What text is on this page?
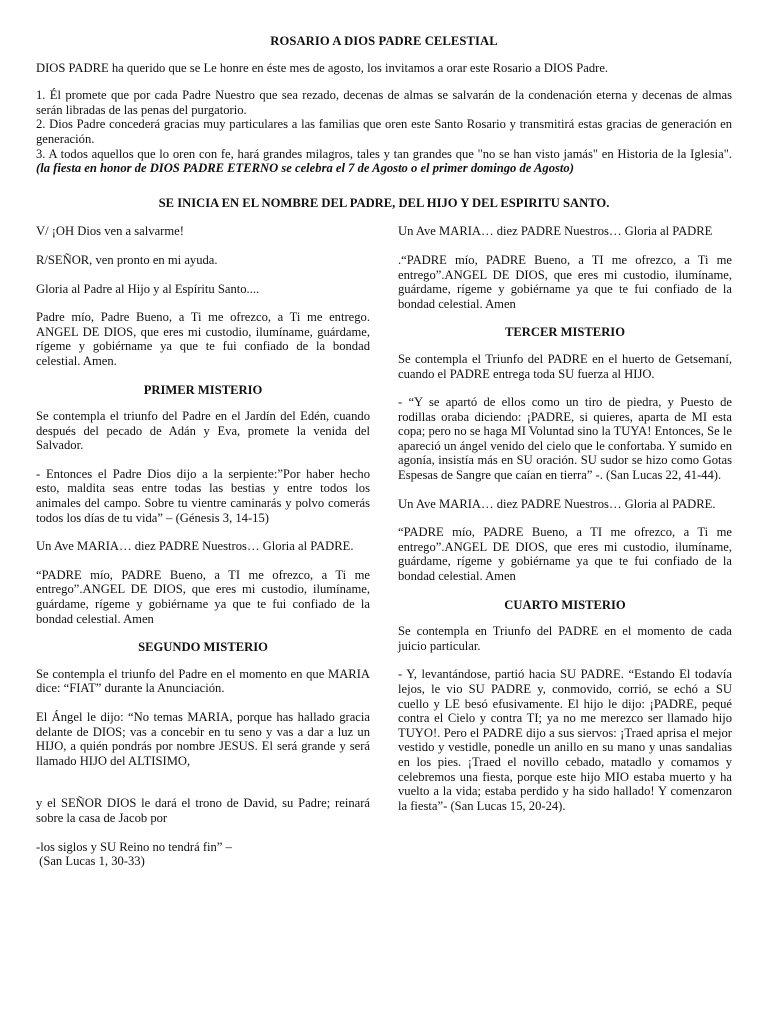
ROSARIO A DIOS PADRE CELESTIAL
DIOS PADRE ha querido que se Le honre en éste mes de agosto, los invitamos a orar este Rosario a DIOS Padre.

1. Él promete que por cada Padre Nuestro que sea rezado, decenas de almas se salvarán de la condenación eterna y decenas de almas serán libradas de las penas del purgatorio.

2. Dios Padre concederá gracias muy particulares a las familias que oren este Santo Rosario y transmitirá estas gracias de generación en generación.

3. A todos aquellos que lo oren con fe, hará grandes milagros, tales y tan grandes que "no se han visto jamás" en Historia de la Iglesia". (la fiesta en honor de DIOS PADRE ETERNO se celebra el 7 de Agosto o el primer domingo de Agosto)

SE INICIA EN EL NOMBRE DEL PADRE, DEL HIJO Y DEL ESPIRITU SANTO.

V/ ¡OH Dios ven a salvarme!

R/SEÑOR, ven pronto en mi ayuda.

Gloria al Padre al Hijo y al Espíritu Santo....

Padre mío, Padre Bueno, a Ti me ofrezco, a Ti me entrego. ANGEL DE DIOS, que eres mi custodio, ilumíname, guárdame, rígeme y gobiérname ya que te fui confiado de la bondad celestial. Amen.

PRIMER MISTERIO

Se contempla el triunfo del Padre en el Jardín del Edén, cuando después del pecado de Adán y Eva, promete la venida del Salvador.

- Entonces el Padre Dios dijo a la serpiente:”Por haber hecho esto, maldita seas entre todas las bestias y entre todos los animales del campo. Sobre tu vientre caminarás y polvo comerás todos los días de tu vida” – (Génesis 3, 14-15)

Un Ave MARIA… diez PADRE Nuestros… Gloria al PADRE.

“PADRE mío, PADRE Bueno, a TI me ofrezco, a Ti me entrego”.ANGEL DE DIOS, que eres mi custodio, ilumíname, guárdame, rígeme y gobiérname ya que te fui confiado de la bondad celestial. Amen

SEGUNDO MISTERIO

Se contempla el triunfo del Padre en el momento en que MARIA dice: “FIAT” durante la Anunciación.

El Ángel le dijo: “No temas MARIA, porque has hallado gracia delante de DIOS; vas a concebir en tu seno y vas a dar a luz un HIJO, a quién pondrás por nombre JESUS. El será grande y será llamado HIJO del ALTISIMO,

y el SEÑOR DIOS le dará el trono de David, su Padre; reinará sobre la casa de Jacob por

-los siglos y SU Reino no tendrá fin” –
(San Lucas 1, 30-33)

Un Ave MARIA… diez PADRE Nuestros… Gloria al PADRE

.“PADRE mío, PADRE Bueno, a TI me ofrezco, a Ti me entrego”.ANGEL DE DIOS, que eres mi custodio, ilumíname, guárdame, rígeme y gobiérname ya que te fui confiado de la bondad celestial. Amen

TERCER MISTERIO

Se contempla el Triunfo del PADRE en el huerto de Getsemaní, cuando el PADRE entrega toda SU fuerza al HIJO.

- “Y se apartó de ellos como un tiro de piedra, y Puesto de rodillas oraba diciendo: ¡PADRE, si quieres, aparta de MI esta copa; pero no se haga MI Voluntad sino la TUYA! Entonces, Se le apareció un ángel venido del cielo que le confortaba. Y sumido en agonía, insistía más en SU oración. SU sudor se hizo como Gotas Espesas de Sangre que caían en tierra” -. (San Lucas 22, 41-44).

Un Ave MARIA… diez PADRE Nuestros… Gloria al PADRE.

“PADRE mío, PADRE Bueno, a TI me ofrezco, a Ti me entrego”.ANGEL DE DIOS, que eres mi custodio, ilumíname, guárdame, rígeme y gobiérname ya que te fui confiado de la bondad celestial. Amen

CUARTO MISTERIO

Se contempla en Triunfo del PADRE en el momento de cada juicio particular.

- Y, levantándose, partió hacia SU PADRE. “Estando El todavía lejos, le vio SU PADRE y, conmovido, corrió, se echó a SU cuello y LE besó efusivamente. El hijo le dijo: ¡PADRE, pequé contra el Cielo y contra TI; ya no me merezco ser llamado hijo TUYO!. Pero el PADRE dijo a sus siervos: ¡Traed aprisa el mejor vestido y vestidle, ponedle un anillo en su mano y unas sandalias en los pies. ¡Traed el novillo cebado, matadlo y comamos y celebremos una fiesta, porque este hijo MIO estaba muerto y ha vuelto a la vida; estaba perdido y ha sido hallado! Y comenzaron la fiesta”- (San Lucas 15, 20-24).
